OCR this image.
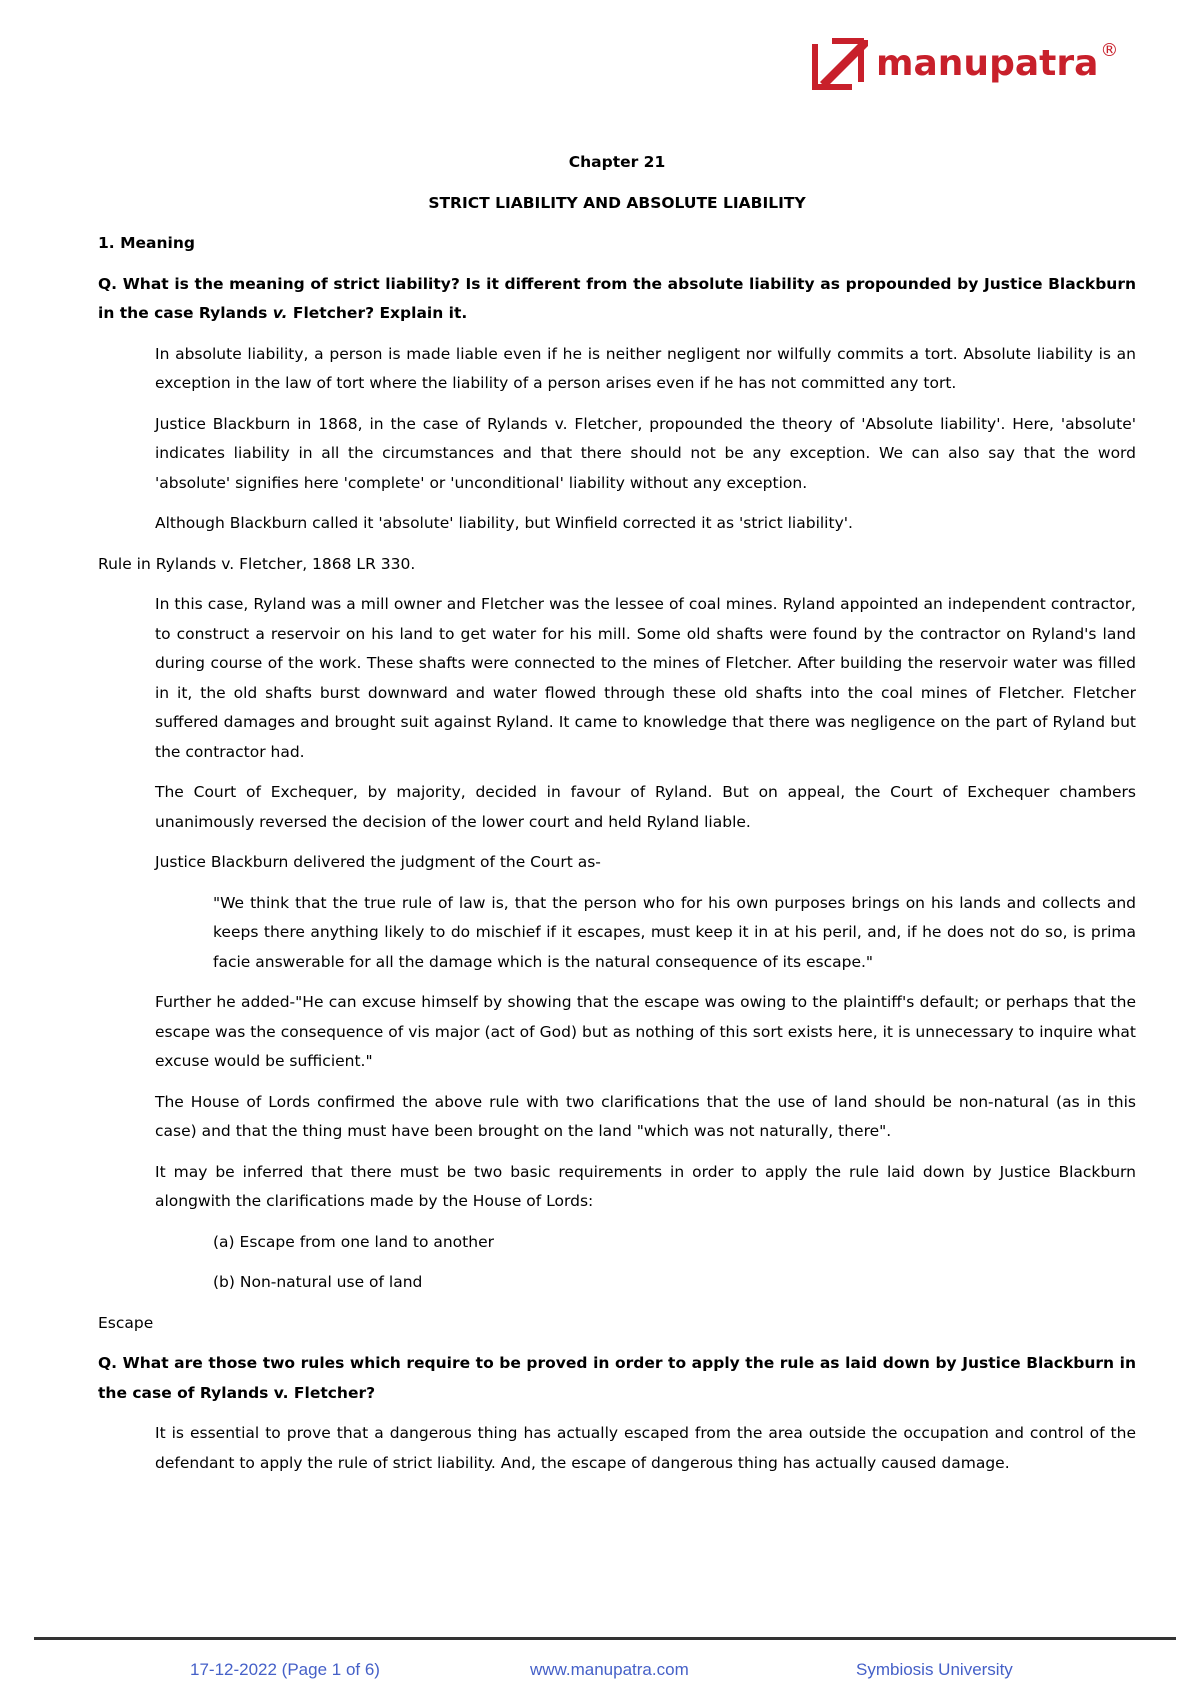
manupatra ®

Chapter 21

STRICT LIABILITY AND ABSOLUTE LIABILITY

1. Meaning

Q. What is the meaning of strict liability? Is it different from the absolute liability as propounded by Justice Blackburn in the case Rylands v. Fletcher? Explain it.

In absolute liability, a person is made liable even if he is neither negligent nor wilfully commits a tort. Absolute liability is an exception in the law of tort where the liability of a person arises even if he has not committed any tort.

Justice Blackburn in 1868, in the case of Rylands v. Fletcher, propounded the theory of 'Absolute liability'. Here, 'absolute' indicates liability in all the circumstances and that there should not be any exception. We can also say that the word 'absolute' signifies here 'complete' or 'unconditional' liability without any exception.

Although Blackburn called it 'absolute' liability, but Winfield corrected it as 'strict liability'.

Rule in Rylands v. Fletcher, 1868 LR 330.

In this case, Ryland was a mill owner and Fletcher was the lessee of coal mines. Ryland appointed an independent contractor, to construct a reservoir on his land to get water for his mill. Some old shafts were found by the contractor on Ryland's land during course of the work. These shafts were connected to the mines of Fletcher. After building the reservoir water was filled in it, the old shafts burst downward and water flowed through these old shafts into the coal mines of Fletcher. Fletcher suffered damages and brought suit against Ryland. It came to knowledge that there was negligence on the part of Ryland but the contractor had.

The Court of Exchequer, by majority, decided in favour of Ryland. But on appeal, the Court of Exchequer chambers unanimously reversed the decision of the lower court and held Ryland liable.

Justice Blackburn delivered the judgment of the Court as-

"We think that the true rule of law is, that the person who for his own purposes brings on his lands and collects and keeps there anything likely to do mischief if it escapes, must keep it in at his peril, and, if he does not do so, is prima facie answerable for all the damage which is the natural consequence of its escape."

Further he added-"He can excuse himself by showing that the escape was owing to the plaintiff's default; or perhaps that the escape was the consequence of vis major (act of God) but as nothing of this sort exists here, it is unnecessary to inquire what excuse would be sufficient."

The House of Lords confirmed the above rule with two clarifications that the use of land should be non-natural (as in this case) and that the thing must have been brought on the land "which was not naturally, there".

It may be inferred that there must be two basic requirements in order to apply the rule laid down by Justice Blackburn alongwith the clarifications made by the House of Lords:

(a) Escape from one land to another

(b) Non-natural use of land

Escape

Q. What are those two rules which require to be proved in order to apply the rule as laid down by Justice Blackburn in the case of Rylands v. Fletcher?

It is essential to prove that a dangerous thing has actually escaped from the area outside the occupation and control of the defendant to apply the rule of strict liability. And, the escape of dangerous thing has actually caused damage.

17-12-2022 (Page 1 of 6)	www.manupatra.com	Symbiosis University
